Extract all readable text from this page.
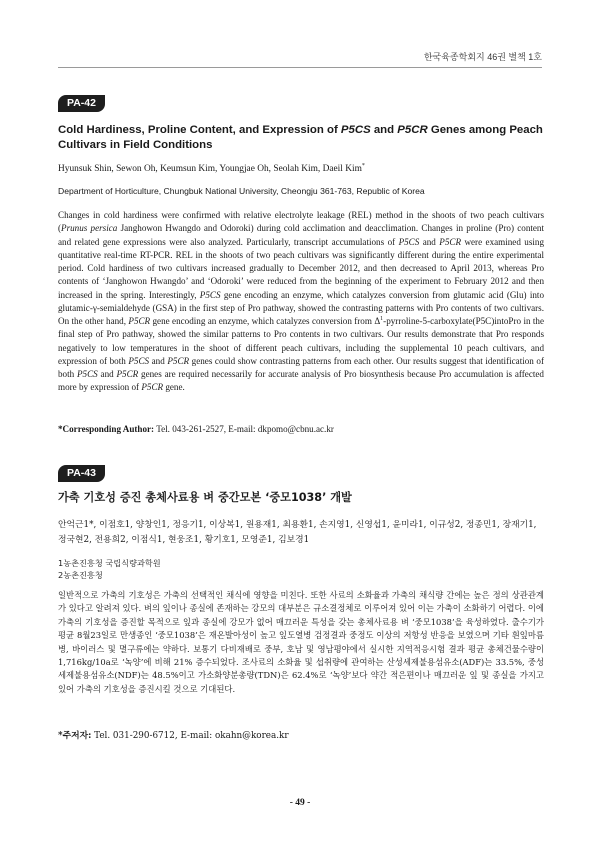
한국육종학회지 46권 별책 1호
PA-42
Cold Hardiness, Proline Content, and Expression of P5CS and P5CR Genes among Peach Cultivars in Field Conditions
Hyunsuk Shin, Sewon Oh, Keumsun Kim, Youngjae Oh, Seolah Kim, Daeil Kim*
Department of Horticulture, Chungbuk National University, Cheongju 361-763, Republic of Korea

Changes in cold hardiness were confirmed with relative electrolyte leakage (REL) method in the shoots of two peach cultivars (Prunus persica Janghowon Hwangdo and Odoroki) during cold acclimation and deacclimation. Changes in proline (Pro) content and related gene expressions were also analyzed. Particularly, transcript accumulations of P5CS and P5CR were examined using quantitative real-time RT-PCR. REL in the shoots of two peach cultivars was significantly different during the entire experimental period. Cold hardiness of two cultivars increased gradually to December 2012, and then decreased to April 2013, whereas Pro contents of ‘Janghowon Hwangdo’ and ‘Odoroki’ were reduced from the beginning of the experiment to February 2012 and then increased in the spring. Interestingly, P5CS gene encoding an enzyme, which catalyzes conversion from glutamic acid (Glu) into glutamic-γ-semialdehyde (GSA) in the first step of Pro pathway, showed the contrasting patterns with Pro contents of two cultivars. On the other hand, P5CR gene encoding an enzyme, which catalyzes conversion from $\Delta^1-pyrroline-5-carboxylate(P5C)intoPro$ in the final step of Pro pathway, showed the similar patterns to Pro contents in two cultivars. Our results demonstrate that Pro responds negatively to low temperatures in the shoot of different peach cultivars, including the supplemental 10 peach cultivars, and expression of both P5CS and P5CR genes could show contrasting patterns from each other. Our results suggest that identification of both P5CS and P5CR genes are required necessarily for accurate analysis of Pro biosynthesis because Pro accumulation is affected more by expression of P5CR gene.

*Corresponding Author: Tel. 043-261-2527, E-mail: dkpomo@cbnu.ac.kr
PA-43
가축 기호성 증진 총체사료용 벼 중간모본 ‘중모1038’ 개발
안억근1*, 이점호1, 양창인1, 정응기1, 이상복1, 원용재1, 최용환1, 손지영1, 신영섭1, 윤미라1, 이규성2, 정종민1, 장재기1,
정국현2, 전용희2, 이점식1, 현웅조1, 황기호1, 모영준1, 김보경1
1농촌진흥청 국립식량과학원
2농촌진흥청

일반적으로 가축의 기호성은 가축의 선택적인 채식에 영향을 미친다. 또한 사료의 소화율과 가축의 채식량 간에는 높은 정의 상관관계가 있다고 알려져 있다. 벼의 잎이나 종실에 존재하는 강모의 대부분은 규소결정체로 이루어져 있어 이는 가축이 소화하기 어렵다. 이에 가축의 기호성을 증진할 목적으로 잎과 종실에 강모가 없어 매끄러운 특성을 갖는 총체사료용 벼 ‘중모1038’을 육성하였다. 출수기가 평균 8월23일로 만생종인 ‘중모1038’은 재온발아성이 높고 잎도열병 검정결과 중정도 이상의 저항성 반응을 보였으며 기타 흰잎마름병, 바이러스 및 멸구류에는 약하다. 보통기 다비재배로 중부, 호남 및 영남평야에서 실시한 지역적응시험 결과 평균 총체건물수량이 1,716kg/10a로 ‘녹양’에 비해 21% 증수되었다. 조사료의 소화율 및 섭취량에 관여하는 산성세제불용섬유소(ADF)는 33.5%, 중성세제불용섬유소(NDF)는 48.5%이고 가소화양분총량(TDN)은 62.4%로 ‘녹양’보다 약간 적은편이나 매끄러운 잎 및 종실을 가지고 있어 가축의 기호성을 증진시킬 것으로 기대된다.

*주저자: Tel. 031-290-6712, E-mail: okahn@korea.kr
- 49 -
